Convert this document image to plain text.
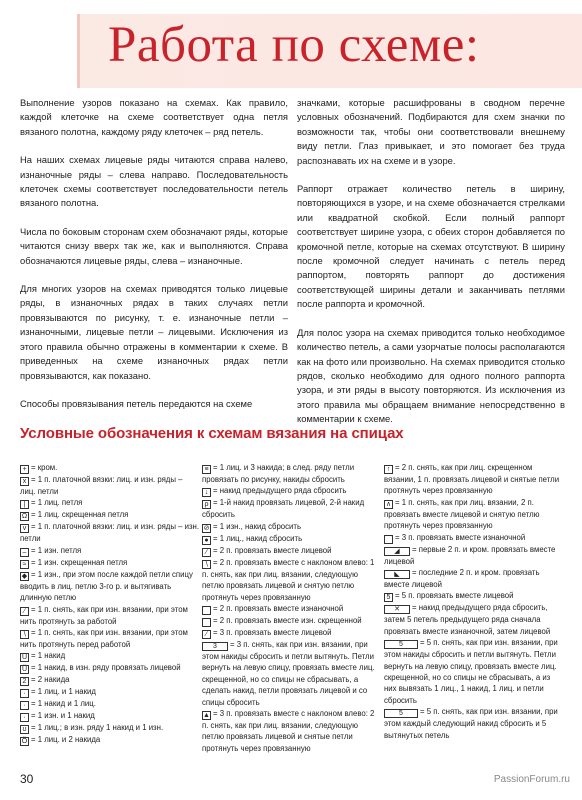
Работа по схеме:

Выполнение узоров показано на схемах. Как правило, каждой клеточке на схеме соответствует одна петля вязаного полотна, каждому ряду клеточек – ряд петель.

На наших схемах лицевые ряды читаются справа налево, изнаночные ряды – слева направо. Последовательность клеточек схемы соответствует последовательности петель вязаного полотна.

Числа по боковым сторонам схем обозначают ряды, которые читаются снизу вверх так же, как и выполняются. Справа обозначаются лицевые ряды, слева – изнаночные.

Для многих узоров на схемах приводятся только лицевые ряды, в изнаночных рядах в таких случаях петли провязываются по рисунку, т. е. изнаночные петли – изнаночными, лицевые петли – лицевыми. Исключения из этого правила обычно отражены в комментарии к схеме. В приведенных на схеме изнаночных рядах петли провязываются, как показано.

Способы провязывания петель передаются на схеме

значками, которые расшифрованы в сводном перечне условных обозначений. Подбираются для схем значки по возможности так, чтобы они соответствовали внешнему виду петли. Глаз привыкает, и это помогает без труда распознавать их на схеме и в узоре.

Раппорт отражает количество петель в ширину, повторяющихся в узоре, и на схеме обозначается стрелками или квадратной скобкой. Если полный раппорт соответствует ширине узора, с обеих сторон добавляется по кромочной петле, которые на схемах отсутствуют. В ширину после кромочной следует начинать с петель перед раппортом, повторять раппорт до достижения соответствующей ширины детали и заканчивать петлями после раппорта и кромочной.

Для полос узора на схемах приводится только необходимое количество петель, а сами узорчатые полосы располагаются как на фото или произвольно. На схемах приводится столько рядов, сколько необходимо для одного полного раппорта узора, и эти ряды в высоту повторяются. Из исключения из этого правила мы обращаем внимание непосредственно в комментарии к схеме.

Условные обозначения к схемам вязания на спицах
+ = кром.
x = 1 п. платочной вязки: лиц. и изн. ряды – лиц. петли
| = 1 лиц. петля
Ω = 1 лиц. скрещенная петля
v = 1 п. платочной вязки: лиц. и изн. ряды – изн. петли
– = 1 изн. петля
≈ = 1 изн. скрещенная петля
◆ = 1 изн., при этом после каждой петли спицу вводить в лиц. петлю 3-го р. и вытягивать длинную петлю
∕ = 1 п. снять, как при изн. вязании, при этом нить протянуть за работой
∖ = 1 п. снять, как при изн. вязании, при этом нить протянуть перед работой
U = 1 накид
Ü = 1 накид, в изн. ряду провязать лицевой
2 = 2 накида
· = 1 лиц. и 1 накид
· = 1 накид и 1 лиц.
· = 1 изн. и 1 накид
ʊ = 1 лиц.; в изн. ряду 1 накид и 1 изн.
Ö = 1 лиц. и 2 накида
≡ = 1 лиц. и 3 накида; в след. ряду петли провязать по рисунку, накиды сбросить
↓ = накид предыдущего ряда сбросить
ρ = 1-й накид провязать лицевой, 2-й накид сбросить
⊘ = 1 изн., накид сбросить
● = 1 лиц., накид сбросить
∕ = 2 п. провязать вместе лицевой
∖ = 2 п. провязать вместе с наклоном влево: 1 п. снять, как при лиц. вязании, следующую петлю провязать лицевой и снятую петлю протянуть через провязанную
⌒ = 2 п. провязать вместе изнаночной
⌒ = 2 п. провязать вместе изн. скрещенной
∕ = 3 п. провязать вместе лицевой
3 = 3 п. снять, как при изн. вязании, при этом накиды сбросить и петли вытянуть. Петли вернуть на левую спицу, провязать вместе лиц. скрещенной, но со спицы не сбрасывать, а сделать накид, петли провязать лицевой и со спицы сбросить
▲ = 3 п. провязать вместе с наклоном влево: 2 п. снять, как при лиц. вязании, следующую петлю провязать лицевой и снятые петли протянуть через провязанную
↑ = 2 п. снять, как при лиц. скрещенном вязании, 1 п. провязать лицевой и снятые петли протянуть через провязанную
∧ = 1 п. снять, как при лиц. вязании, 2 п. провязать вместе лицевой и снятую петлю протянуть через провязанную
⌒ = 3 п. провязать вместе изнаночной
◢ = первые 2 п. и кром. провязать вместе лицевой
◣ = последние 2 п. и кром. провязать вместе лицевой
5 = 5 п. провязать вместе лицевой
✕ = накид предыдущего ряда сбросить, затем 5 петель предыдущего ряда сначала провязать вместе изнаночной, затем лицевой
5 = 5 п. снять, как при изн. вязании, при этом накиды сбросить и петли вытянуть. Петли вернуть на левую спицу, провязать вместе лиц. скрещенной, но со спицы не сбрасывать, а из них вывязать 1 лиц., 1 накид, 1 лиц. и петли сбросить
5 = 5 п. снять, как при изн. вязании, при этом каждый следующий накид сбросить и 5 вытянутых петель
30	PassionForum.ru
